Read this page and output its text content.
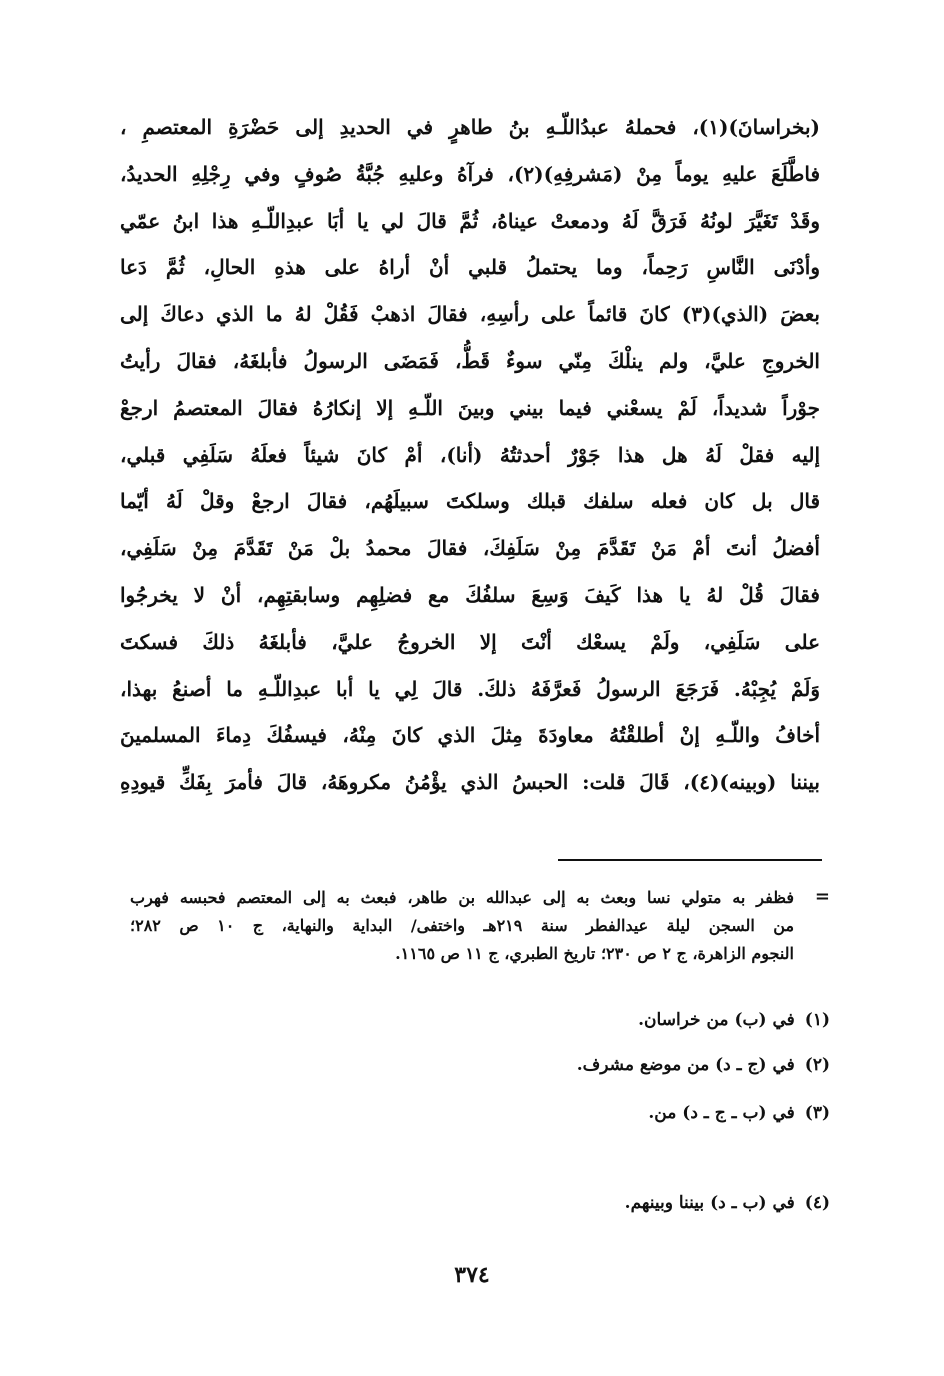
(بخراسانَ)(١)، فحملهُ عبدُاللّـهِ بنُ طاهرٍ في الحديدِ إلى حَضْرَةِ المعتصمِ ،
فاطَّلَعَ عليهِ يوماً مِنْ (مَشرفِهِ)(٢)، فرآهُ وعليهِ جُبَّةُ صُوفٍ وفي رِجْلِهِ الحديدُ،
وقَدْ تَغَيَّرَ لونُهُ فَرَقَّ لَهُ ودمعتْ عيناهُ، ثُمَّ قالَ لي يا أبَا عبدِاللّـهِ هذا ابنُ عمّي
وأدْنَى النَّاسِ رَحِماً، وما يحتملُ قلبي أنْ أراهُ على هذهِ الحالِ، ثُمَّ دَعا
بعضَ (الذي)(٣) كانَ قائماً على رأسِهِ، فقالَ اذهبْ فَقُلْ لهُ ما الذي دعاكَ إلى
الخروجِ عليَّ، ولم ينلْكَ مِنّي سوءٌ قَطُّ، فَمَضَى الرسولُ فأبلغَهُ، فقالَ رأيتُ
جوْراً شديداً، لَمْ يسعْني فيما بيني وبينَ اللّـهِ إلا إنكارُهُ فقالَ المعتصمُ ارجعْ
إليه فقلْ لَهُ هل هذا جَوْرٌ أحدثتُهُ (أنا)، أمْ كانَ شيئاً فعلَهُ سَلَفِي قبلي،
قال بل كان فعله سلفك قبلك وسلكتَ سبيلَهُم، فقالَ ارجعْ وقلْ لَهُ أيّما
أفضلُ أنتَ أمْ مَنْ تَقَدَّمَ مِنْ سَلَفِكَ، فقالَ محمدُ بلْ مَنْ تَقَدَّمَ مِنْ سَلَفِي،
فقالَ قُلْ لهُ يا هذا كَيفَ وَسِعَ سلفُكَ مع فضلِهِم وسابقتِهِم، أنْ لا يخرجُوا
على سَلَفِي، ولَمْ يسعْك أنْتَ إلا الخروجُ عليَّ، فأبلغَهُ ذلكَ فسكتَ
وَلَمْ يُجِبْهُ. فَرَجَعَ الرسولُ فَعرَّفَهُ ذلكَ. قالَ لِي يا أبا عبدِاللّـهِ ما أصنعُ بهذا،
أخافُ واللّـهِ إنْ أطلقْتُهُ معاودَةَ مِثلَ الذي كانَ مِنْهُ، فيسفُكَ دِماءَ المسلمينَ
بيننا (وبينه)(٤)، قَالَ قلت: الحبسُ الذي يؤْمُنُ مكروهَهُ، قالَ فأمرَ بِفَكِّ قيودِهِ
=
فظفر به متولي نسا وبعث به إلى عبدالله بن طاهر، فبعث به إلى المعتصم فحبسه فهرب
من السجن ليلة عيدالفطر سنة ٢١٩هـ واختفى/ البداية والنهاية، ج ١٠ ص ٢٨٢؛
النجوم الزاهرة، ج ٢ ص ٢٣٠؛ تاريخ الطبري، ج ١١ ص ١١٦٥.
(١)في (ب) من خراسان.
(٢)في (ج ـ د) من موضع مشرف.
(٣)في (ب ـ ج ـ د) من.
(٤)في (ب ـ د) بيننا وبينهم.
٣٧٤
